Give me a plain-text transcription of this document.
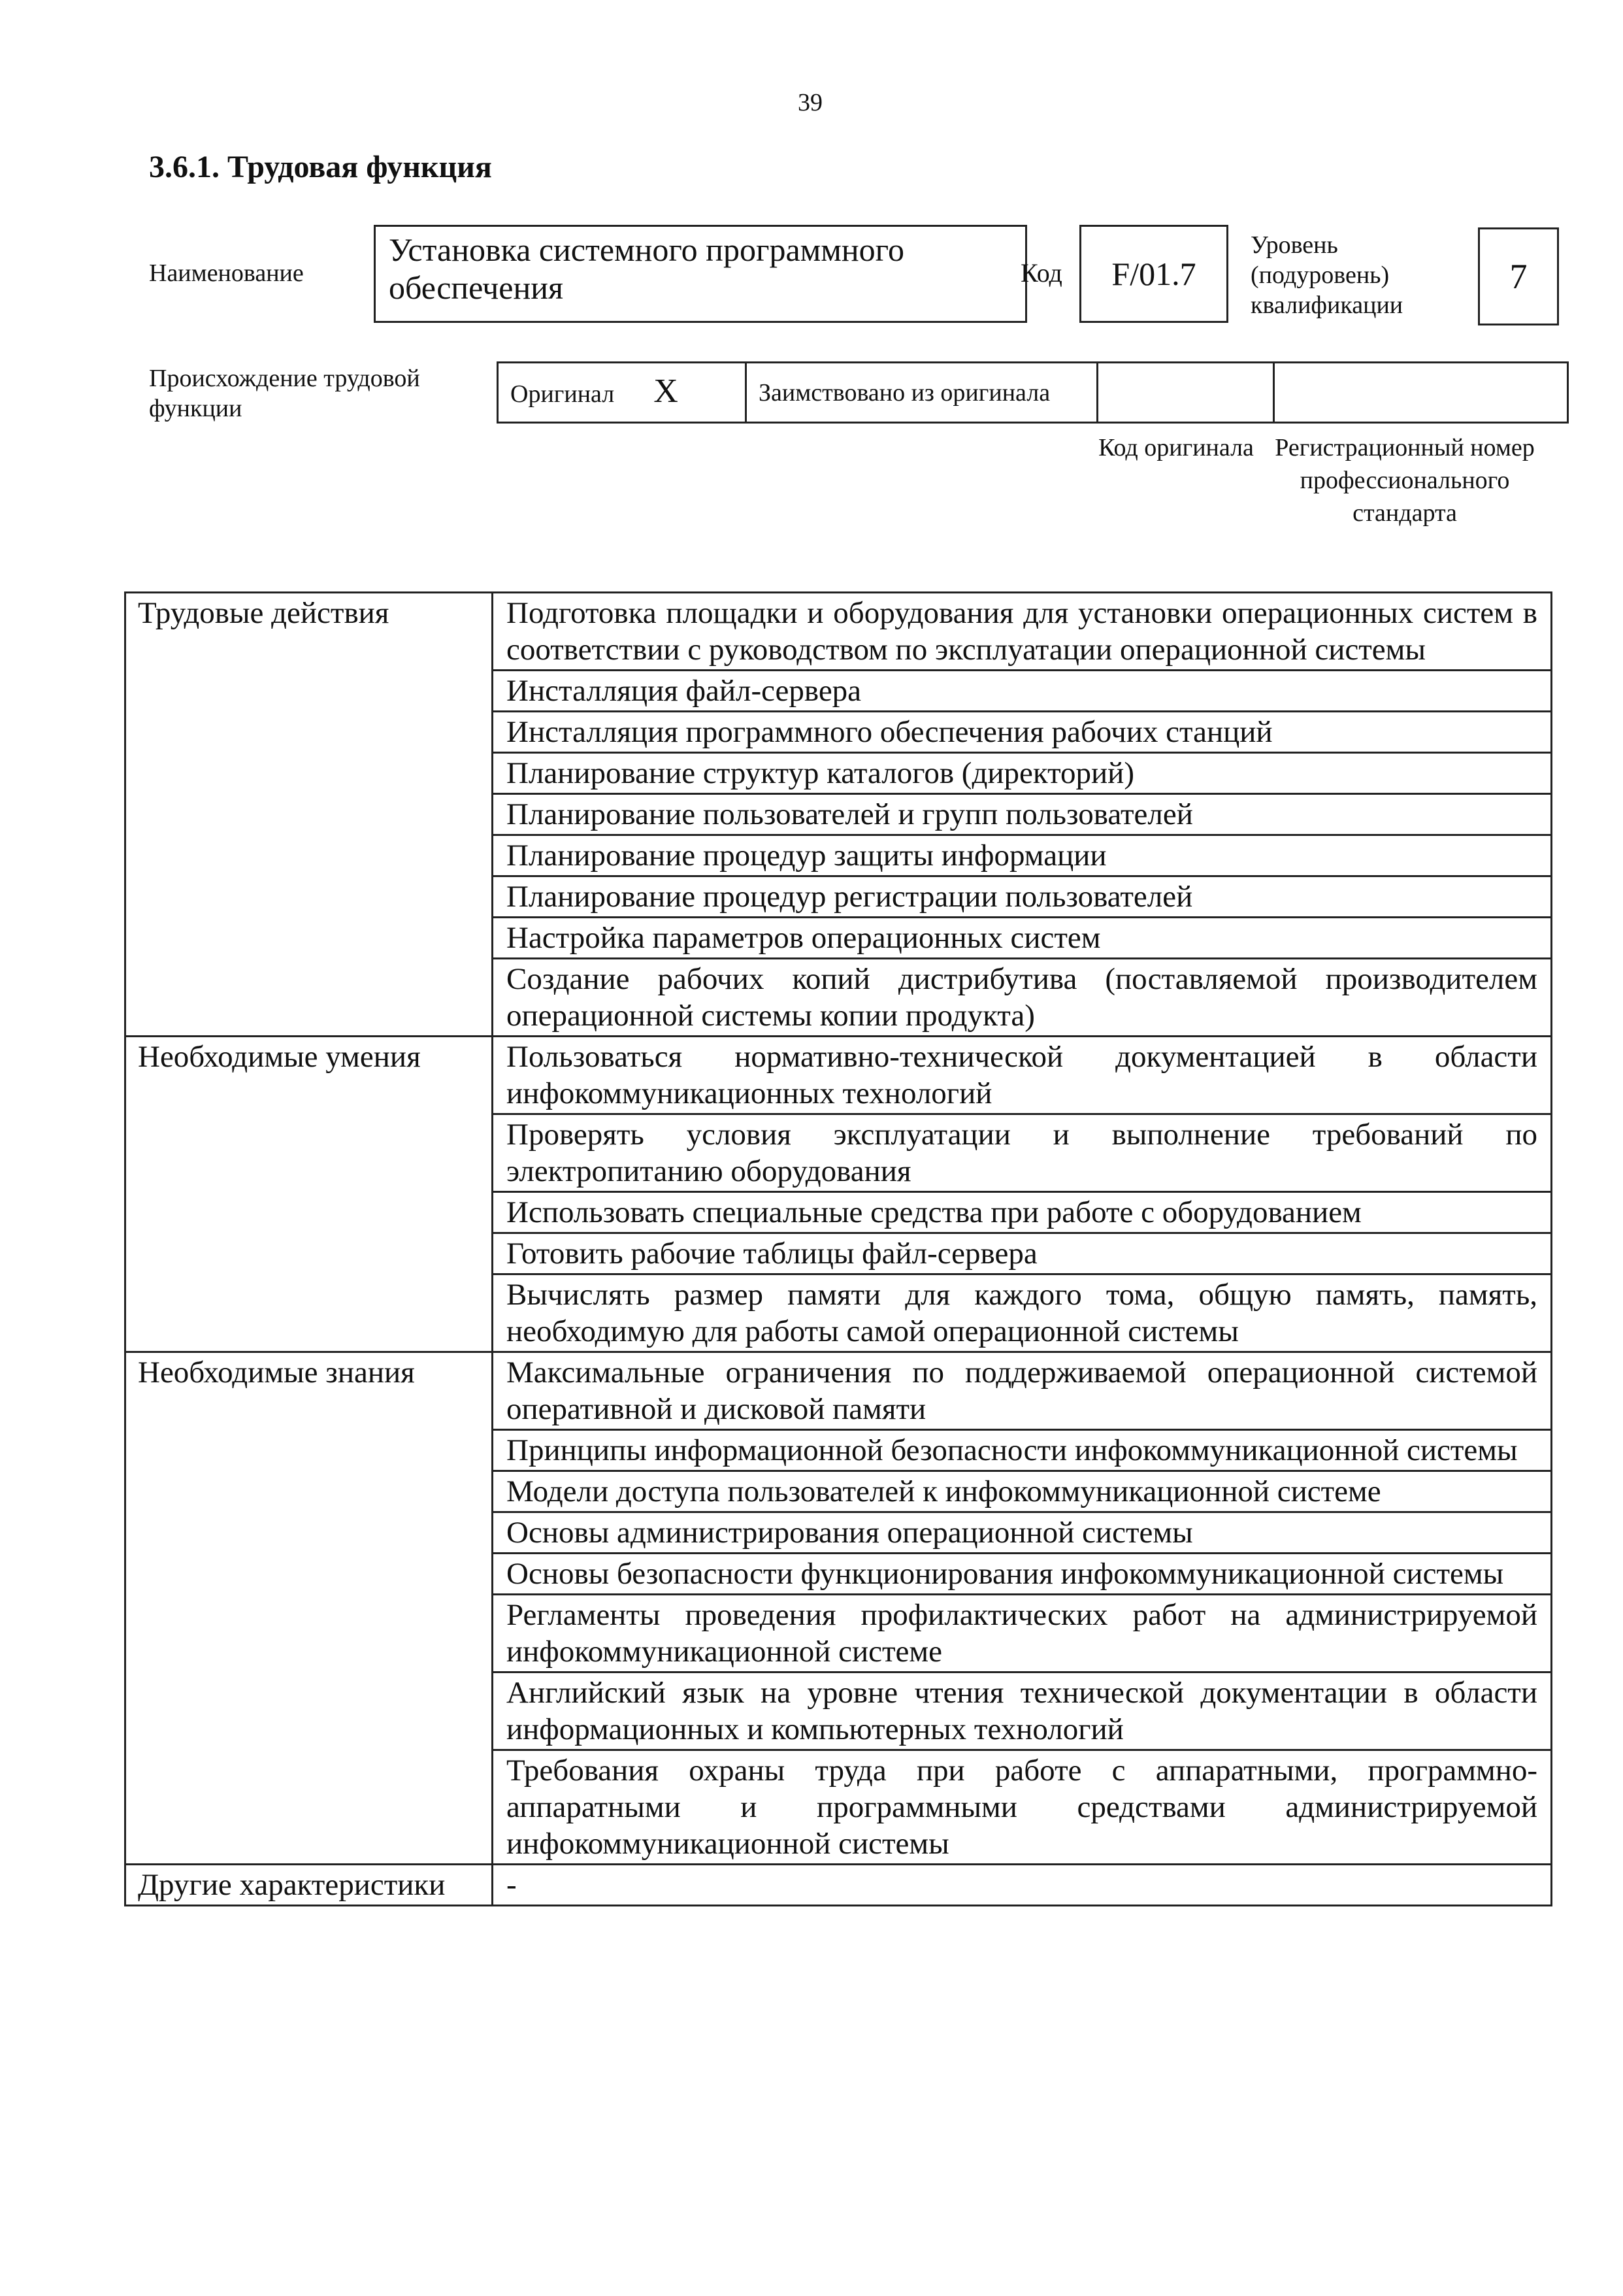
39
3.6.1. Трудовая функция
Наименование
Установка системного программного обеспечения	Код	F/01.7
Уровень (подуровень) квалификации
7
Происхождение трудовой функции
Оригинал X	Заимствовано из оригинала		
Код оригинала Регистрационный номер профессионального стандарта
Трудовые действия	Подготовка площадки и оборудования для установки операционных систем в соответствии с руководством по эксплуатации операционной системы
	Инсталляция файл-сервера
	Инсталляция программного обеспечения рабочих станций
	Планирование структур каталогов (директорий)
	Планирование пользователей и групп пользователей
	Планирование процедур защиты информации
	Планирование процедур регистрации пользователей
	Настройка параметров операционных систем
	Создание рабочих копий дистрибутива (поставляемой производителем операционной системы копии продукта)
Необходимые умения	Пользоваться нормативно-технической документацией в области инфокоммуникационных технологий
	Проверять условия эксплуатации и выполнение требований по электропитанию оборудования
	Использовать специальные средства при работе с оборудованием
	Готовить рабочие таблицы файл-сервера
	Вычислять размер памяти для каждого тома, общую память, память, необходимую для работы самой операционной системы
Необходимые знания	Максимальные ограничения по поддерживаемой операционной системой оперативной и дисковой памяти
	Принципы информационной безопасности инфокоммуникационной системы
	Модели доступа пользователей к инфокоммуникационной системе
	Основы администрирования операционной системы
	Основы безопасности функционирования инфокоммуникационной системы
	Регламенты проведения профилактических работ на администрируемой инфокоммуникационной системе
	Английский язык на уровне чтения технической документации в области информационных и компьютерных технологий
	Требования охраны труда при работе с аппаратными, программно-аппаратными и программными средствами администрируемой инфокоммуникационной системы
Другие характеристики	-
